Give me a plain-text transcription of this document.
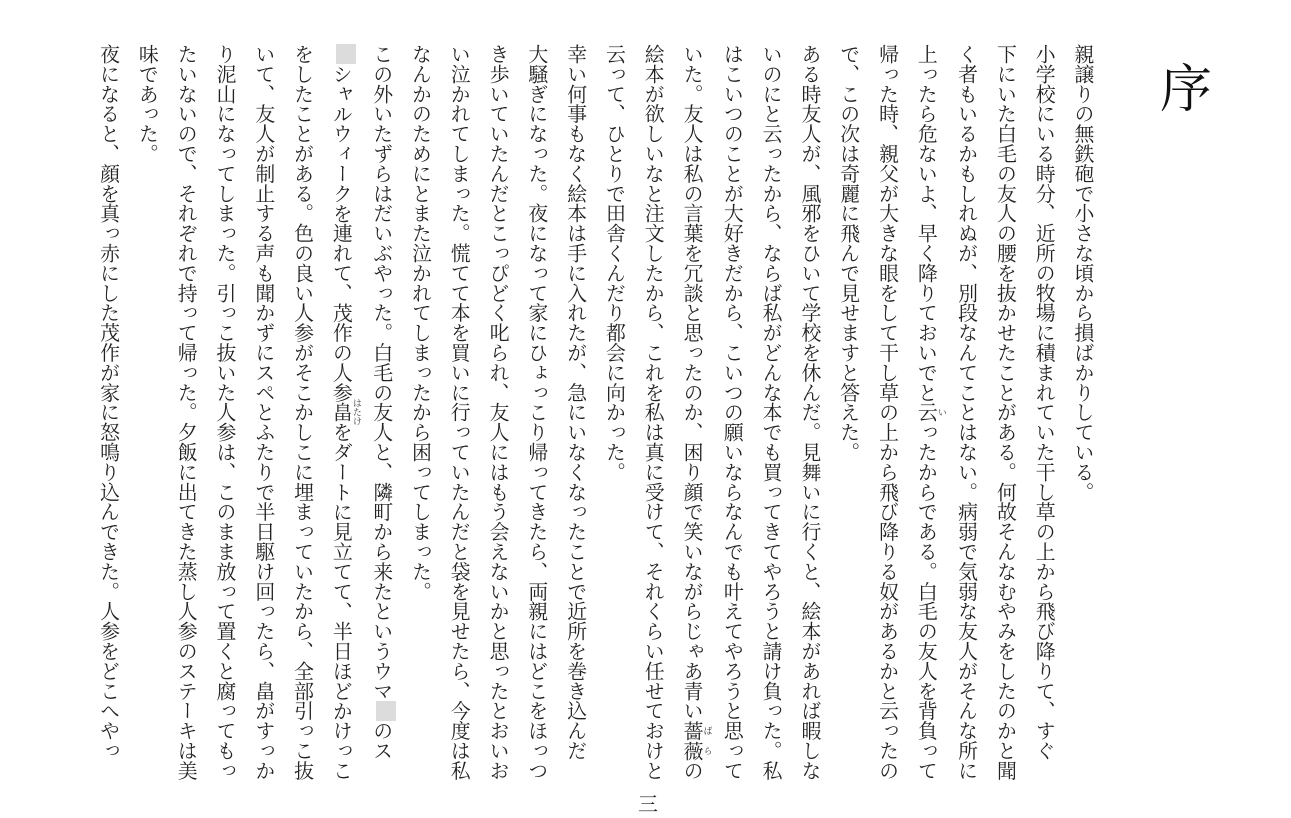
序
親譲りの無鉄砲で小さな頃から損ばかりしている。
小学校にいる時分、近所の牧場に積まれていた干し草の上から飛び降りて、すぐ
下にいた白毛の友人の腰を抜かせたことがある。何故そんなむやみをしたのかと聞
く者もいるかもしれぬが、別段なんてことはない。病弱で気弱な友人がそんな所に
上ったら危ないよ、早く降りておいでと云いったからである。白毛の友人を背負って
帰った時、親父が大きな眼をして干し草の上から飛び降りる奴があるかと云ったの
で、この次は奇麗に飛んで見せますと答えた。
ある時友人が、風邪をひいて学校を休んだ。見舞いに行くと、絵本があれば暇しな
いのにと云ったから、ならば私がどんな本でも買ってきてやろうと請け負った。私
はこいつのことが大好きだから、こいつの願いならなんでも叶えてやろうと思って
いた。友人は私の言葉を冗談と思ったのか、困り顔で笑いながらじゃあ青い薔薇ばらの
絵本が欲しいなと注文したから、これを私は真に受けて、それくらい任せておけと
云って、ひとりで田舎くんだり都会に向かった。
幸い何事もなく絵本は手に入れたが、急にいなくなったことで近所を巻き込んだ
大騒ぎになった。夜になって家にひょっこり帰ってきたら、両親にはどこをほっつ
き歩いていたんだとこっぴどく叱られ、友人にはもう会えないかと思ったとおいお
い泣かれてしまった。慌てて本を買いに行っていたんだと袋を見せたら、今度は私
なんかのためにとまた泣かれてしまったから困ってしまった。
この外いたずらはだいぶやった。白毛の友人と、隣町から来たというウマのス
シャルウィークを連れて、茂作の人参畠はたけをダートに見立てて、半日ほどかけっこ
をしたことがある。色の良い人参がそこかしこに埋まっていたから、全部引っこ抜
いて、友人が制止する声も聞かずにスペとふたりで半日駆け回ったら、畠がすっか
り泥山になってしまった。引っこ抜いた人参は、このまま放って置くと腐ってもっ
たいないので、それぞれで持って帰った。夕飯に出てきた蒸し人参のステーキは美
味であった。
夜になると、顔を真っ赤にした茂作が家に怒鳴り込んできた。人参をどこへやっ
三
